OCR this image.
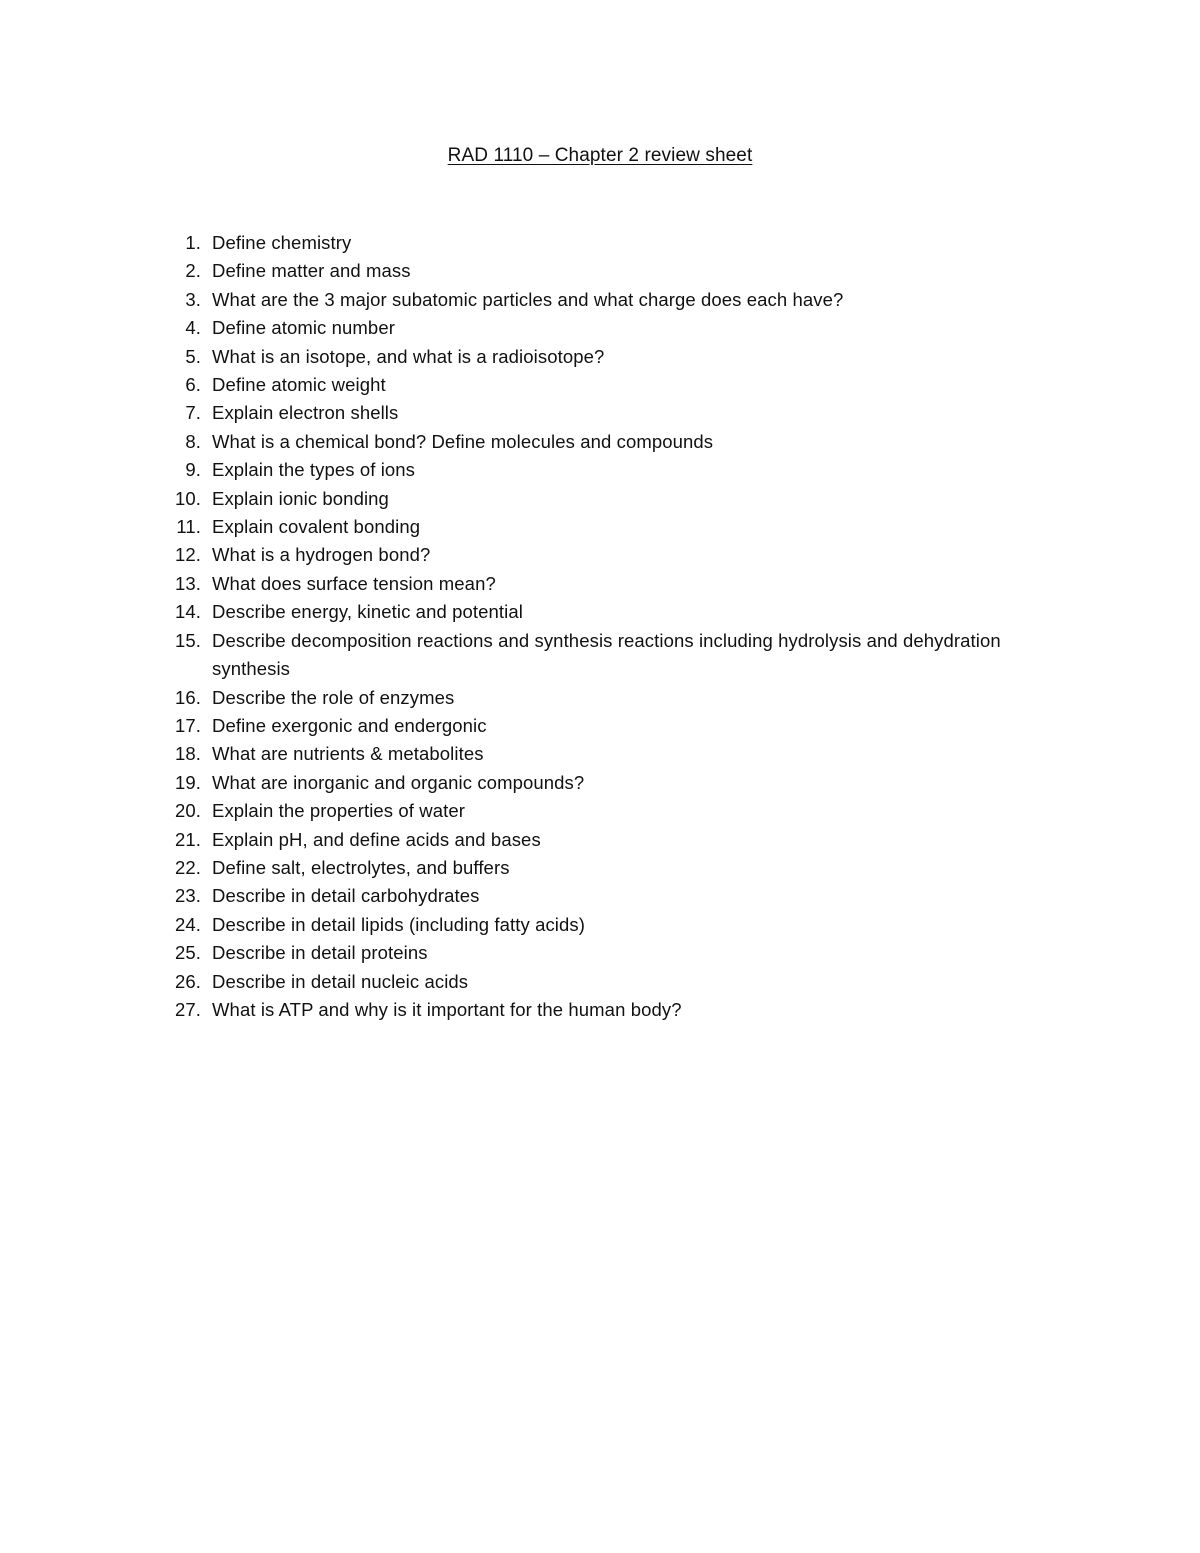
RAD 1110 – Chapter 2 review sheet
1. Define chemistry
2. Define matter and mass
3. What are the 3 major subatomic particles and what charge does each have?
4. Define atomic number
5. What is an isotope, and what is a radioisotope?
6. Define atomic weight
7. Explain electron shells
8. What is a chemical bond? Define molecules and compounds
9. Explain the types of ions
10. Explain ionic bonding
11. Explain covalent bonding
12. What is a hydrogen bond?
13. What does surface tension mean?
14. Describe energy, kinetic and potential
15. Describe decomposition reactions and synthesis reactions including hydrolysis and dehydration synthesis
16. Describe the role of enzymes
17. Define exergonic and endergonic
18. What are nutrients & metabolites
19. What are inorganic and organic compounds?
20. Explain the properties of water
21. Explain pH, and define acids and bases
22. Define salt, electrolytes, and buffers
23. Describe in detail carbohydrates
24. Describe in detail lipids (including fatty acids)
25. Describe in detail proteins
26. Describe in detail nucleic acids
27. What is ATP and why is it important for the human body?
